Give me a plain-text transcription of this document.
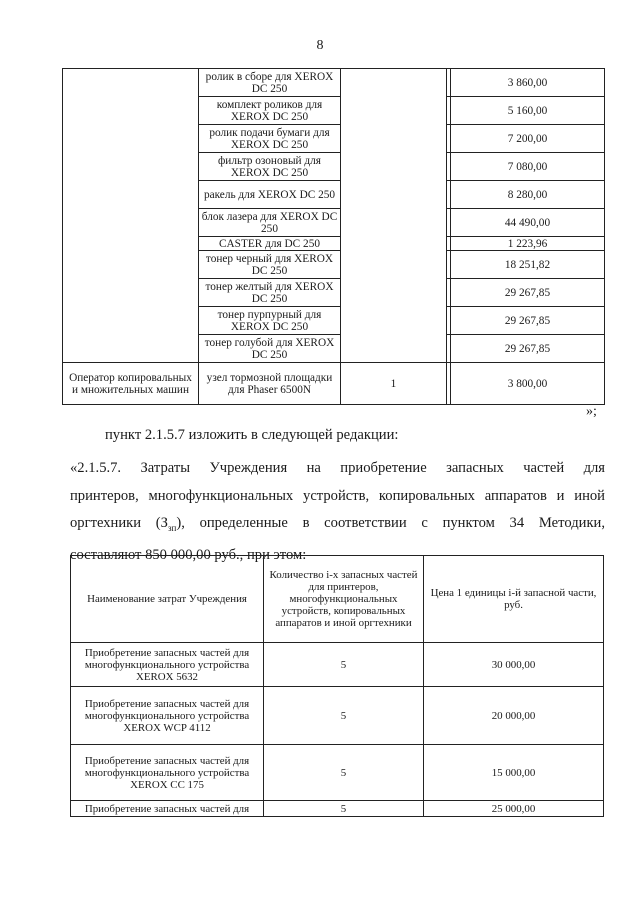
8
	ролик в сборе для XEROX DC 250			3 860,00
	комплект роликов для XEROX DC 250			5 160,00
	ролик подачи бумаги для XEROX DC 250			7 200,00
	фильтр озоновый для XEROX DC 250			7 080,00
	ракель для XEROX DC 250			8 280,00
	блок лазера для XEROX DC 250			44 490,00
	CASTER для DC 250			1 223,96
	тонер черный для XEROX DC 250			18 251,82
	тонер желтый для XEROX DC 250			29 267,85
	тонер пурпурный для XEROX DC 250			29 267,85
	тонер голубой для XEROX DC 250			29 267,85
Оператор копировальных и множительных машин	узел тормозной площадки для Phaser 6500N	1		3 800,00
»;
пункт 2.1.5.7 изложить в следующей редакции:
«2.1.5.7. Затраты Учреждения на приобретение запасных частей для
принтеров, многофункциональных устройств, копировальных аппаратов и иной
оргтехники $(З_{зп})$, определенные в соответствии с пунктом 34 Методики,
составляют 850 000,00 руб., при этом:
Наименование затрат Учреждения	Количество i-х запасных частей для принтеров, многофункциональных устройств, копировальных аппаратов и иной оргтехники	Цена 1 единицы i-й запасной части, руб.
Приобретение запасных частей для многофункционального устройства XEROX 5632	5	30 000,00
Приобретение запасных частей для многофункционального устройства XEROX WCP 4112	5	20 000,00
Приобретение запасных частей для многофункционального устройства XEROX CC 175	5	15 000,00
Приобретение запасных частей для	5	25 000,00
